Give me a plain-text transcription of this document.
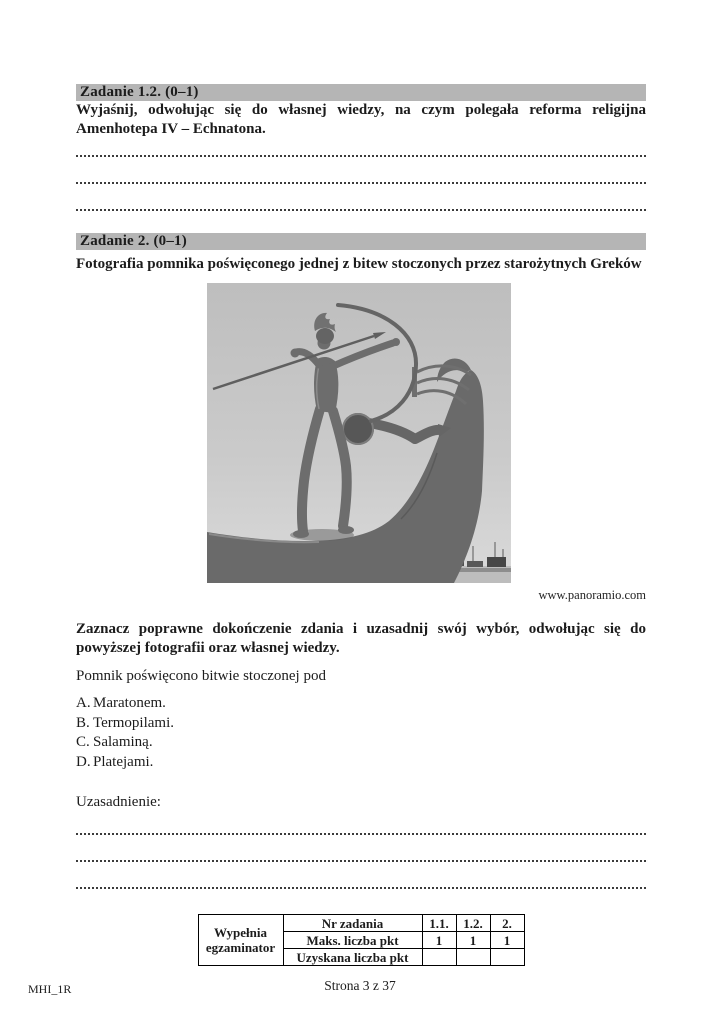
Zadanie 1.2. (0–1)
Wyjaśnij, odwołując się do własnej wiedzy, na czym polegała reforma religijna
Amenhotepa IV – Echnatona.
Zadanie 2. (0–1)
Fotografia pomnika poświęconego jednej z bitew stoczonych przez starożytnych Greków
www.panoramio.com
Zaznacz poprawne dokończenie zdania i uzasadnij swój wybór, odwołując się do
powyższej fotografii oraz własnej wiedzy.
Pomnik poświęcono bitwie stoczonej pod
A. Maratonem.
B. Termopilami.
C. Salaminą.
D. Platejami.
Uzasadnienie:
Wypełnia egzaminator	Nr zadania	1.1.	1.2.	2.
	Maks. liczba pkt	1	1	1
	Uzyskana liczba pkt			
MHI_1R	Strona 3 z 37
